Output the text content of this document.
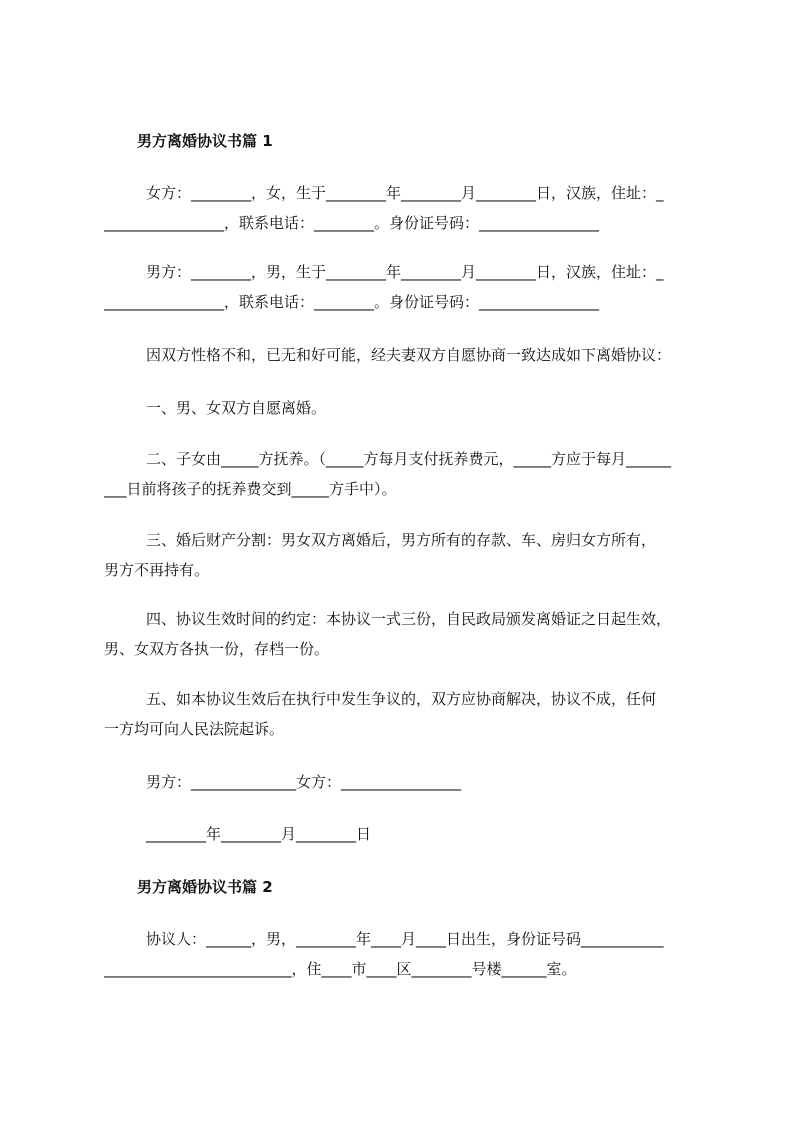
男方离婚协议书篇 1
女方：________，女，生于________年________月________日，汉族，住址：_
________________，联系电话：________。身份证号码：________________
男方：________，男，生于________年________月________日，汉族，住址：_
________________，联系电话：________。身份证号码：________________
因双方性格不和，已无和好可能，经夫妻双方自愿协商一致达成如下离婚协议：
一、男、女双方自愿离婚。
二、子女由_____方抚养。（_____方每月支付抚养费元，_____方应于每月______
___日前将孩子的抚养费交到_____方手中）。
三、婚后财产分割：男女双方离婚后，男方所有的存款、车、房归女方所有，
男方不再持有。
四、协议生效时间的约定：本协议一式三份，自民政局颁发离婚证之日起生效，
男、女双方各执一份，存档一份。
五、如本协议生效后在执行中发生争议的，双方应协商解决，协议不成，任何
一方均可向人民法院起诉。
男方：______________女方：________________
________年________月________日
男方离婚协议书篇 2
协议人：______，男，________年____月____日出生，身份证号码___________
_________________________，住____市____区________号楼______室。
